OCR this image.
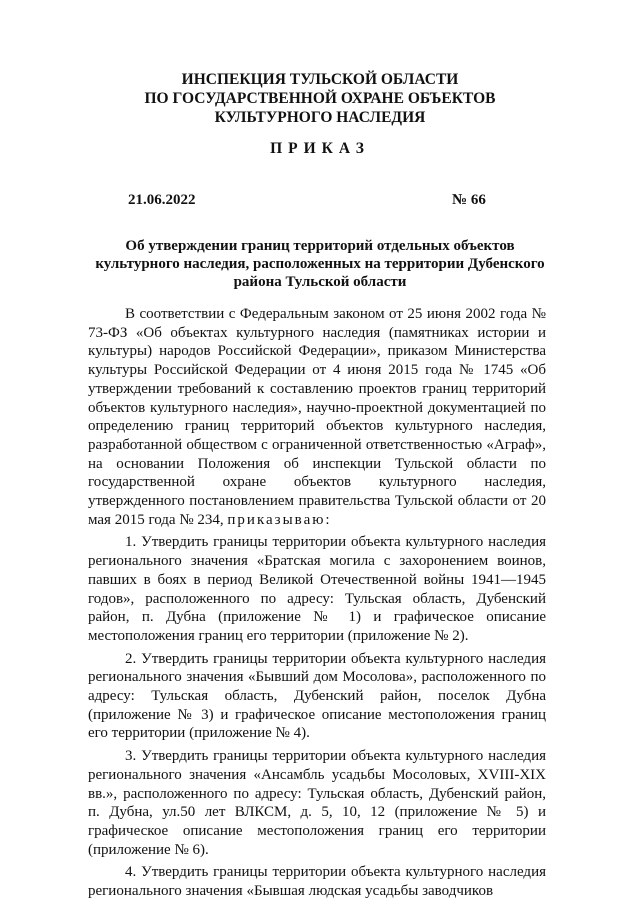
ИНСПЕКЦИЯ ТУЛЬСКОЙ ОБЛАСТИ
ПО ГОСУДАРСТВЕННОЙ ОХРАНЕ ОБЪЕКТОВ
КУЛЬТУРНОГО НАСЛЕДИЯ
ПРИКАЗ
21.06.2022	№ 66
Об утверждении границ территорий отдельных объектов
культурного наследия, расположенных на территории Дубенского
района Тульской области

В соответствии с Федеральным законом от 25 июня 2002 года № 73-ФЗ «Об объектах культурного наследия (памятниках истории и культуры) народов Российской Федерации», приказом Министерства культуры Российской Федерации от 4 июня 2015 года № 1745 «Об утверждении требований к составлению проектов границ территорий объектов культурного наследия», научно-проектной документацией по определению границ территорий объектов культурного наследия, разработанной обществом с ограниченной ответственностью «Аграф», на основании Положения об инспекции Тульской области по государственной охране объектов культурного наследия, утвержденного постановлением правительства Тульской области от 20 мая 2015 года № 234, приказываю:

1. Утвердить границы территории объекта культурного наследия регионального значения «Братская могила с захоронением воинов, павших в боях в период Великой Отечественной войны 1941—1945 годов», расположенного по адресу: Тульская область, Дубенский район, п. Дубна (приложение № 1) и графическое описание местоположения границ его территории (приложение № 2).

2. Утвердить границы территории объекта культурного наследия регионального значения «Бывший дом Мосолова», расположенного по адресу: Тульская область, Дубенский район, поселок Дубна (приложение № 3) и графическое описание местоположения границ его территории (приложение № 4).

3. Утвердить границы территории объекта культурного наследия регионального значения «Ансамбль усадьбы Мосоловых, XVIII-XIX вв.», расположенного по адресу: Тульская область, Дубенский район, п. Дубна, ул.50 лет ВЛКСМ, д. 5, 10, 12 (приложение № 5) и графическое описание местоположения границ его территории (приложение № 6).

4. Утвердить границы территории объекта культурного наследия регионального значения «Бывшая людская усадьбы заводчиков
